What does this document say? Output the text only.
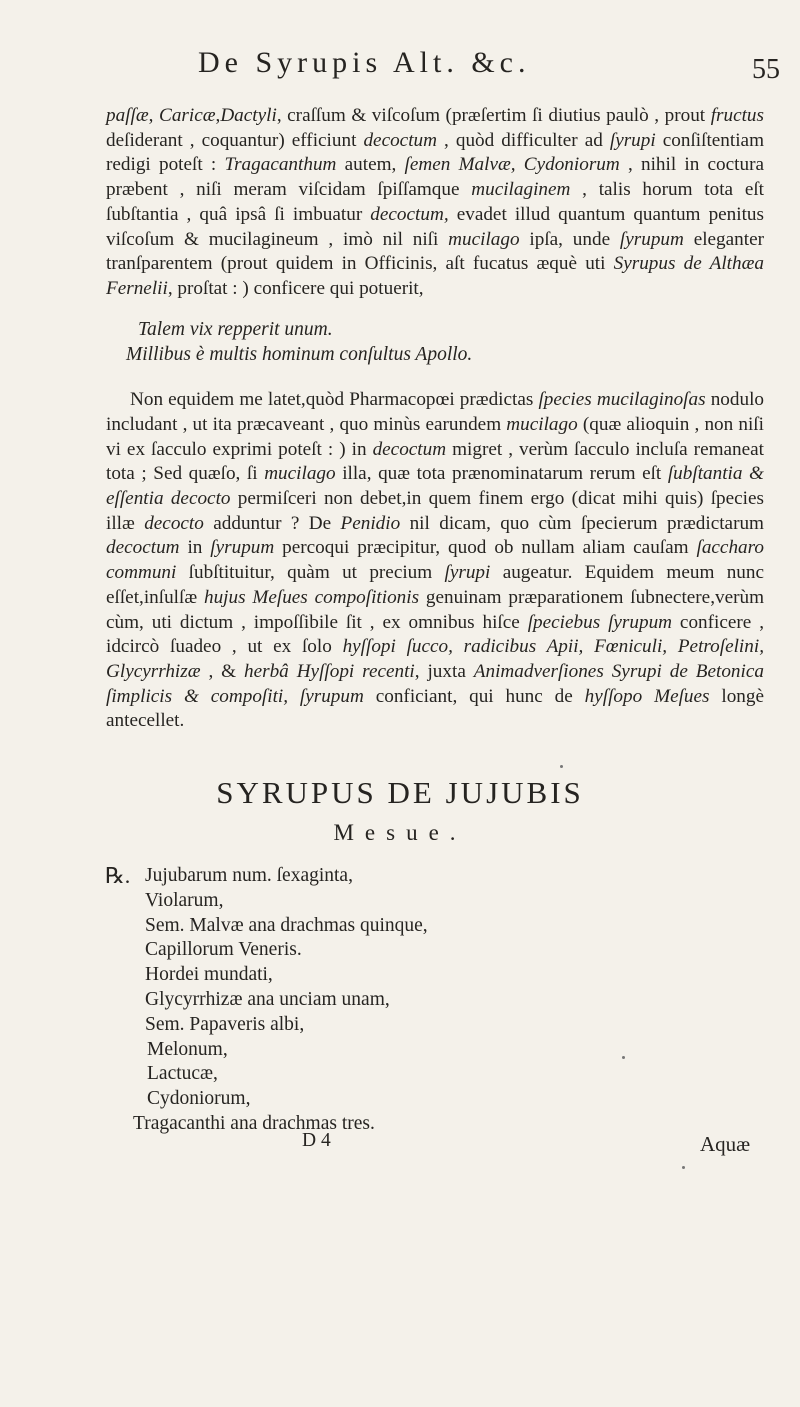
De Syrupis Alt. &c.	55

paſſæ, Caricæ,Dactyli, craſſum & viſcoſum (præſertim ſi diutius paulò , prout fructus deſiderant , coquantur) efficiunt decoctum , quòd difficulter ad ſyrupi conſiſtentiam redigi poteſt : Tragacanthum autem, ſemen Malvæ, Cydoniorum , nihil in coctura præbent , niſi meram viſcidam ſpiſſamque mucilaginem , talis horum tota eſt ſubſtantia , quâ ipsâ ſi imbuatur decoctum, evadet illud quantum quantum penitus viſcoſum & mucilagineum , imò nil niſi mucilago ipſa, unde ſyrupum eleganter tranſparentem (prout quidem in Officinis, aſt fucatus æquè uti Syrupus de Althæa Fernelii, proſtat : ) conficere qui potuerit,

Talem vix repperit unum.
Millibus è multis hominum conſultus Apollo.

Non equidem me latet,quòd Pharmacopœi prædictas ſpecies mucilaginoſas nodulo includant , ut ita præcaveant , quo minùs earundem mucilago (quæ alioquin , non niſi vi ex ſacculo exprimi poteſt : ) in decoctum migret , verùm ſacculo incluſa remaneat tota ; Sed quæſo, ſi mucilago illa, quæ tota prænominatarum rerum eſt ſubſtantia & eſſentia decocto permiſceri non debet,in quem finem ergo (dicat mihi quis) ſpecies illæ decocto adduntur ? De Penidio nil dicam, quo cùm ſpecierum prædictarum decoctum in ſyrupum percoqui præcipitur, quod ob nullam aliam cauſam ſaccharo communi ſubſtituitur, quàm ut precium ſyrupi augeatur. Equidem meum nunc eſſet,inſulſæ hujus Meſues compoſitionis genuinam præparationem ſubnectere,verùm cùm, uti dictum , impoſſibile ſit , ex omnibus hiſce ſpeciebus ſyrupum conficere , idcircò ſuadeo , ut ex ſolo hyſſopi ſucco, radicibus Apii, Fœniculi, Petroſelini, Glycyrrhizæ , & herbâ Hyſſopi recenti, juxta Animadverſiones Syrupi de Betonica ſimplicis & compoſiti, ſyrupum conficiant, qui hunc de hyſſopo Meſues longè antecellet.

SYRUPUS DE JUJUBIS
Mesue.
℞. Jujubarum num. ſexaginta,
Violarum,
Sem. Malvæ ana drachmas quinque,
Capillorum Veneris.
Hordei mundati,
Glycyrrhizæ ana unciam unam,
Sem. Papaveris albi,
Melonum,
Lactucæ,
Cydoniorum,
Tragacanthi ana drachmas tres.
D 4	Aquæ
